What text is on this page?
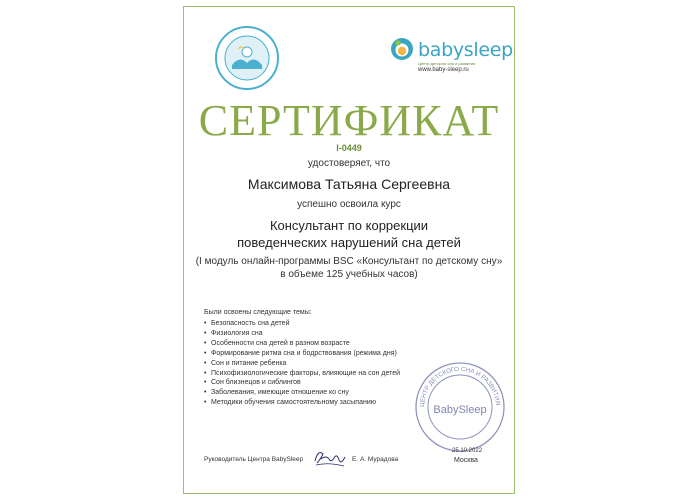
babysleep
Центр детского сна и развития
www.baby-sleep.ru
СЕРТИФИКАТ
I-0449
удостоверяет, что
Максимова Татьяна Сергеевна
успешно освоила курс
Консультант по коррекции
поведенческих нарушений сна детей
(I модуль онлайн-программы BSC «Консультант по детскому сну»
в объеме 125 учебных часов)
Были освоены следующие темы:
• Безопасность сна детей
• Физиология сна
• Особенности сна детей в разном возрасте
• Формирование ритма сна и бодрствования (режима дня)
• Сон и питание ребенка
• Психофизиологические факторы, влияющие на сон детей
• Сон близнецов и сиблингов
• Заболевания, имеющие отношение ко сну
• Методики обучения самостоятельному засыпанию	ЦЕНТР ДЕТСКОГО СНА И РАЗВИТИЯ
BabySleep
Руководитель Центра BabySleep	Е. А. Мурадова
25.10.2022
Москва
